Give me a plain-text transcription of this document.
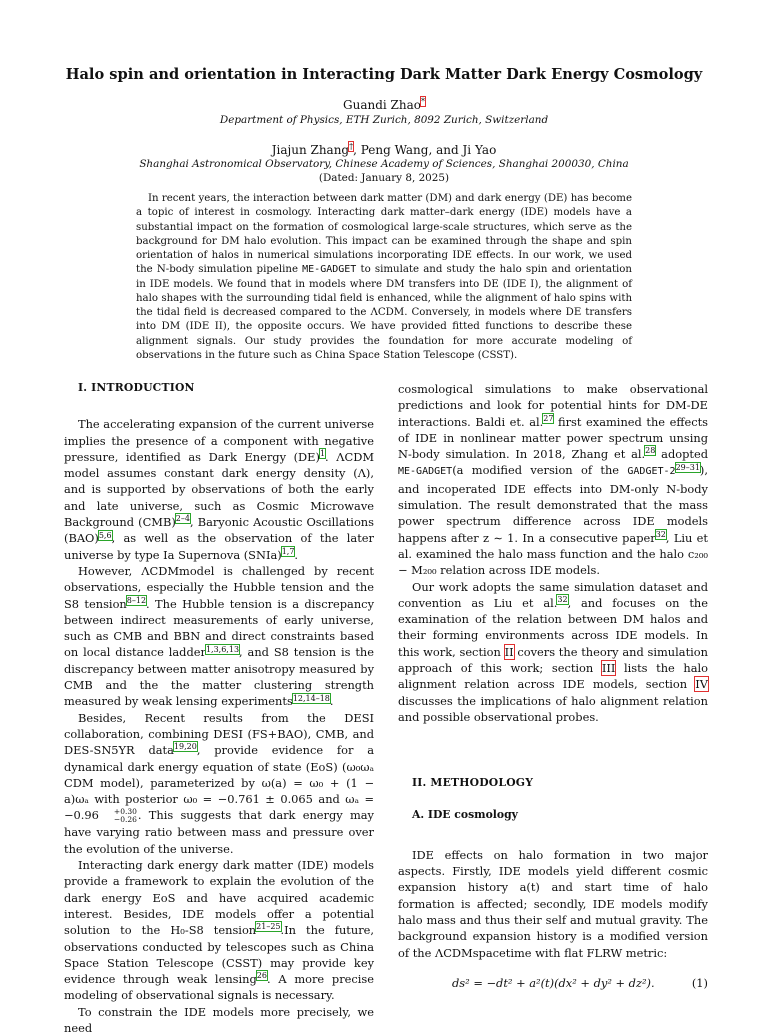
Halo spin and orientation in Interacting Dark Matter Dark Energy Cosmology
Guandi Zhao*
Department of Physics, ETH Zurich, 8092 Zurich, Switzerland
Jiajun Zhang†, Peng Wang, and Ji Yao
Shanghai Astronomical Observatory, Chinese Academy of Sciences, Shanghai 200030, China
(Dated: January 8, 2025)

In recent years, the interaction between dark matter (DM) and dark energy (DE) has become a topic of interest in cosmology. Interacting dark matter–dark energy (IDE) models have a substantial impact on the formation of cosmological large-scale structures, which serve as the background for DM halo evolution. This impact can be examined through the shape and spin orientation of halos in numerical simulations incorporating IDE effects. In our work, we used the N-body simulation pipeline ME-GADGET to simulate and study the halo spin and orientation in IDE models. We found that in models where DM transfers into DE (IDE I), the alignment of halo shapes with the surrounding tidal field is enhanced, while the alignment of halo spins with the tidal field is decreased compared to the ΛCDM. Conversely, in models where DE transfers into DM (IDE II), the opposite occurs. We have provided fitted functions to describe these alignment signals. Our study provides the foundation for more accurate modeling of observations in the future such as China Space Station Telescope (CSST).

I. INTRODUCTION

The accelerating expansion of the current universe implies the presence of a component with negative pressure, identified as Dark Energy (DE)$^1$. ΛCDM model assumes constant dark energy density (Λ), and is supported by observations of both the early and late universe, such as Cosmic Microwave Background (CMB)$^{2-4}$, Baryonic Acoustic Oscillations (BAO)$^{5,6}$, as well as the observation of the later universe by type Ia Supernova (SNIa)$^{1,7}$.

However, ΛCDMmodel is challenged by recent observations, especially the Hubble tension and the S8 tension$^{8-12}$. The Hubble tension is a discrepancy between indirect measurements of early universe, such as CMB and BBN and direct constraints based on local distance ladder$^{1,3,6,13}$, and S8 tension is the discrepancy between matter anisotropy measured by CMB and the the matter clustering strength measured by weak lensing experiments$^{12,14-18}$.

Besides, Recent results from the DESI collaboration, combining DESI (FS+BAO), CMB, and DES-SN5YR data$^{19,20}$, provide evidence for a dynamical dark energy equation of state (EoS) (ω₀ωₐ CDM model), parameterized by ω(a) = ω₀ + (1 − a)ωₐ with posterior ω₀ = −0.761 ± 0.065 and ωₐ = −0.96	+0.30
−0.26 . This suggests that dark energy may have varying ratio between mass and pressure over the evolution of the universe.

Interacting dark energy dark matter (IDE) models provide a framework to explain the evolution of the dark energy EoS and have acquired academic interest. Besides, IDE models offer a potential solution to the H₀-S8 tension$^{21-25}$.In the future, observations conducted by telescopes such as China Space Station Telescope (CSST) may provide key evidence through weak lensing$^{26}$. A more precise modeling of observational signals is necessary.

To constrain the IDE models more precisely, we need

cosmological simulations to make observational predictions and look for potential hints for DM-DE interactions. Baldi et. al.$^{27}$ first examined the effects of IDE in nonlinear matter power spectrum unsing N-body simulation. In 2018, Zhang et al.$^{28}$ adopted ME-GADGET(a modified version of the GADGET-2$^{29-31}$), and incoperated IDE effects into DM-only N-body simulation. The result demonstrated that the mass power spectrum difference across IDE models happens after z ∼ 1. In a consecutive paper$^{32}$, Liu et al. examined the halo mass function and the halo c₂₀₀ − M₂₀₀ relation across IDE models.

Our work adopts the same simulation dataset and convention as Liu et al.$^{32}$, and focuses on the examination of the relation between DM halos and their forming environments across IDE models. In this work, section II covers the theory and simulation approach of this work; section III lists the halo alignment relation across IDE models, section IV discusses the implications of halo alignment relation and possible observational probes.

II. METHODOLOGY

A. IDE cosmology

IDE effects on halo formation in two major aspects. Firstly, IDE models yield different cosmic expansion history a(t) and start time of halo formation is affected; secondly, IDE models modify halo mass and thus their self and mutual gravity. The background expansion history is a modified version of the ΛCDMspacetime with flat FLRW metric:

ds² = −dt² + a²(t)(dx² + dy² + dz²).	(1)
